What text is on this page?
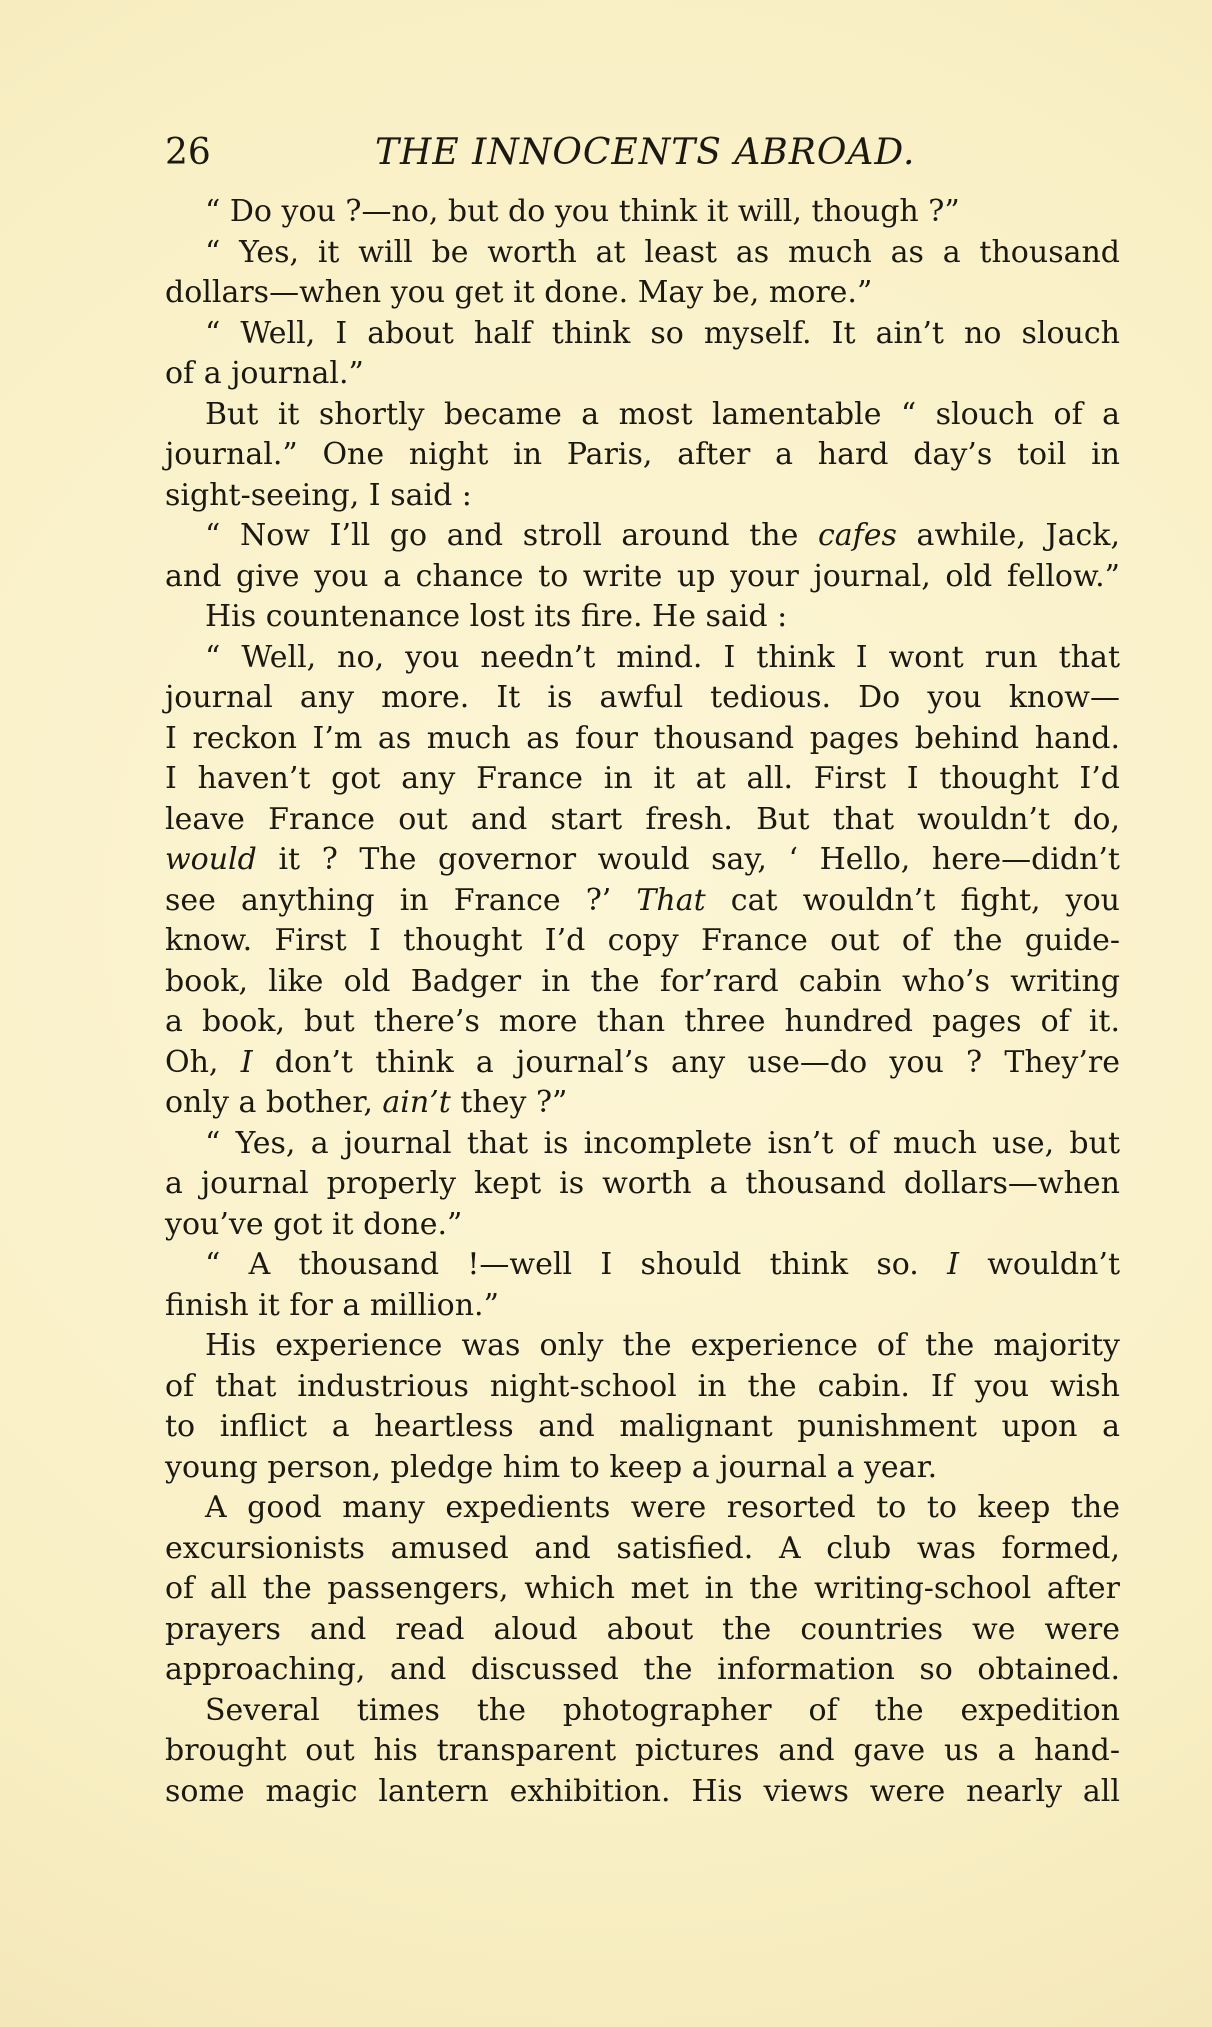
26	THE INNOCENTS ABROAD.
“ Do you ?—no, but do you think it will, though ?”
“ Yes, it will be worth at least as much as a thousand
dollars—when you get it done. May be, more.”
“ Well, I about half think so myself. It ain’t no slouch
of a journal.”
But it shortly became a most lamentable “ slouch of a
journal.” One night in Paris, after a hard day’s toil in
sight-seeing, I said :
“ Now I’ll go and stroll around the cafes awhile, Jack,
and give you a chance to write up your journal, old fellow.”
His countenance lost its fire. He said :
“ Well, no, you needn’t mind. I think I wont run that
journal any more. It is awful tedious. Do you know—
I reckon I’m as much as four thousand pages behind hand.
I haven’t got any France in it at all. First I thought I’d
leave France out and start fresh. But that wouldn’t do,
would it ? The governor would say, ‘ Hello, here—didn’t
see anything in France ?’ That cat wouldn’t fight, you
know. First I thought I’d copy France out of the guide-
book, like old Badger in the for’rard cabin who’s writing
a book, but there’s more than three hundred pages of it.
Oh, I don’t think a journal’s any use—do you ? They’re
only a bother, ain’t they ?”
“ Yes, a journal that is incomplete isn’t of much use, but
a journal properly kept is worth a thousand dollars—when
you’ve got it done.”
“ A thousand !—well I should think so. I wouldn’t
finish it for a million.”
His experience was only the experience of the majority
of that industrious night-school in the cabin. If you wish
to inflict a heartless and malignant punishment upon a
young person, pledge him to keep a journal a year.
A good many expedients were resorted to to keep the
excursionists amused and satisfied. A club was formed,
of all the passengers, which met in the writing-school after
prayers and read aloud about the countries we were
approaching, and discussed the information so obtained.
Several times the photographer of the expedition
brought out his transparent pictures and gave us a hand-
some magic lantern exhibition. His views were nearly all
